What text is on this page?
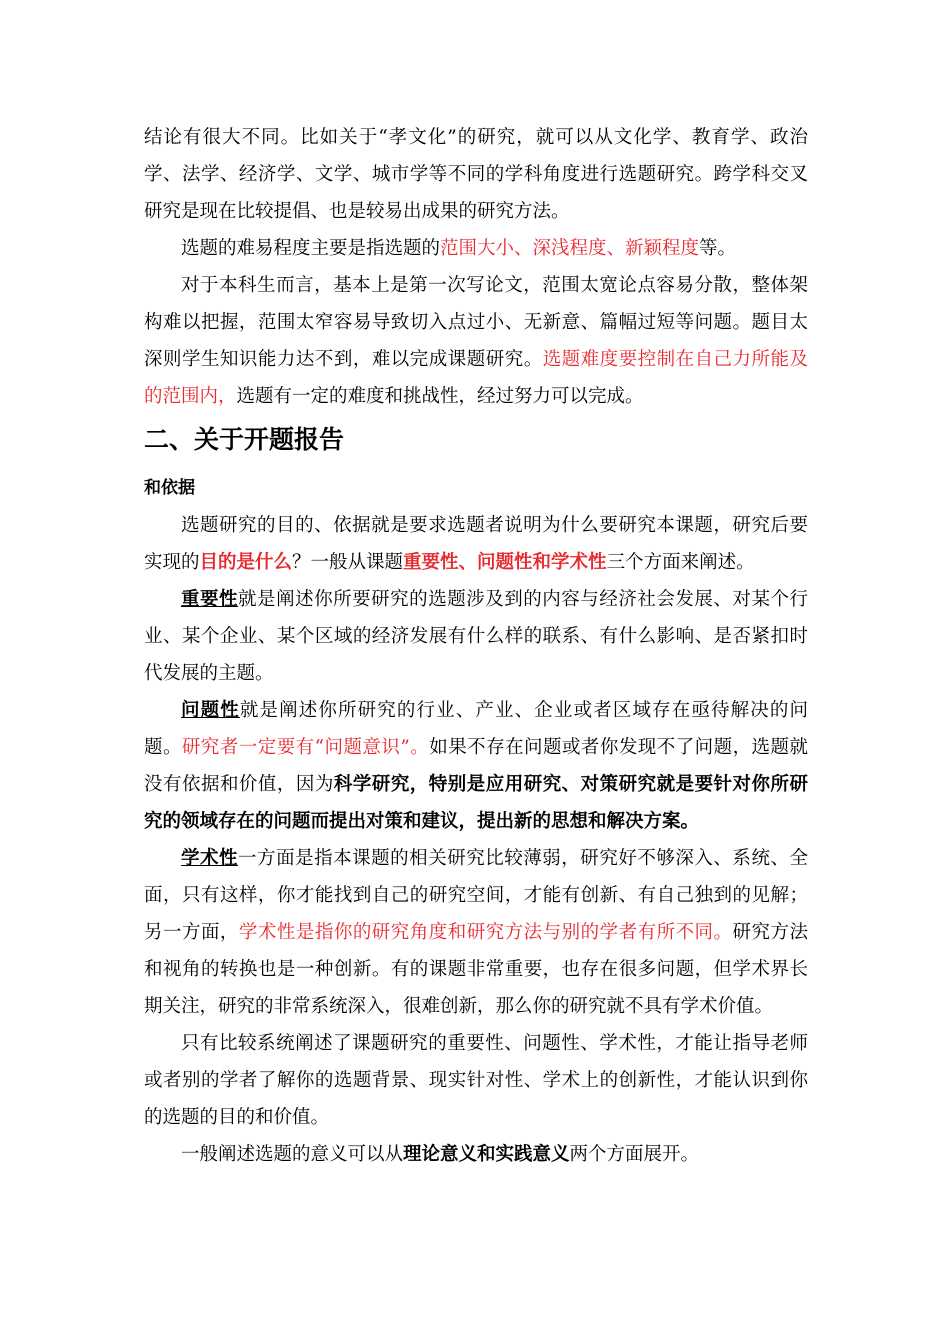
结论有很大不同。比如关于“孝文化”的研究，就可以从文化学、教育学、政治学、法学、经济学、文学、城市学等不同的学科角度进行选题研究。跨学科交叉研究是现在比较提倡、也是较易出成果的研究方法。

选题的难易程度主要是指选题的范围大小、深浅程度、新颖程度等。

对于本科生而言，基本上是第一次写论文，范围太宽论点容易分散，整体架构难以把握，范围太窄容易导致切入点过小、无新意、篇幅过短等问题。题目太深则学生知识能力达不到，难以完成课题研究。选题难度要控制在自己力所能及的范围内，选题有一定的难度和挑战性，经过努力可以完成。

二、关于开题报告
和依据

选题研究的目的、依据就是要求选题者说明为什么要研究本课题，研究后要实现的目的是什么？一般从课题重要性、问题性和学术性三个方面来阐述。

重要性就是阐述你所要研究的选题涉及到的内容与经济社会发展、对某个行业、某个企业、某个区域的经济发展有什么样的联系、有什么影响、是否紧扣时代发展的主题。

问题性就是阐述你所研究的行业、产业、企业或者区域存在亟待解决的问题。研究者一定要有“问题意识”。如果不存在问题或者你发现不了问题，选题就没有依据和价值，因为科学研究，特别是应用研究、对策研究就是要针对你所研究的领域存在的问题而提出对策和建议，提出新的思想和解决方案。

学术性一方面是指本课题的相关研究比较薄弱，研究好不够深入、系统、全面，只有这样，你才能找到自己的研究空间，才能有创新、有自己独到的见解；另一方面，学术性是指你的研究角度和研究方法与别的学者有所不同。研究方法和视角的转换也是一种创新。有的课题非常重要，也存在很多问题，但学术界长期关注，研究的非常系统深入，很难创新，那么你的研究就不具有学术价值。

只有比较系统阐述了课题研究的重要性、问题性、学术性，才能让指导老师或者别的学者了解你的选题背景、现实针对性、学术上的创新性，才能认识到你的选题的目的和价值。

一般阐述选题的意义可以从理论意义和实践意义两个方面展开。
